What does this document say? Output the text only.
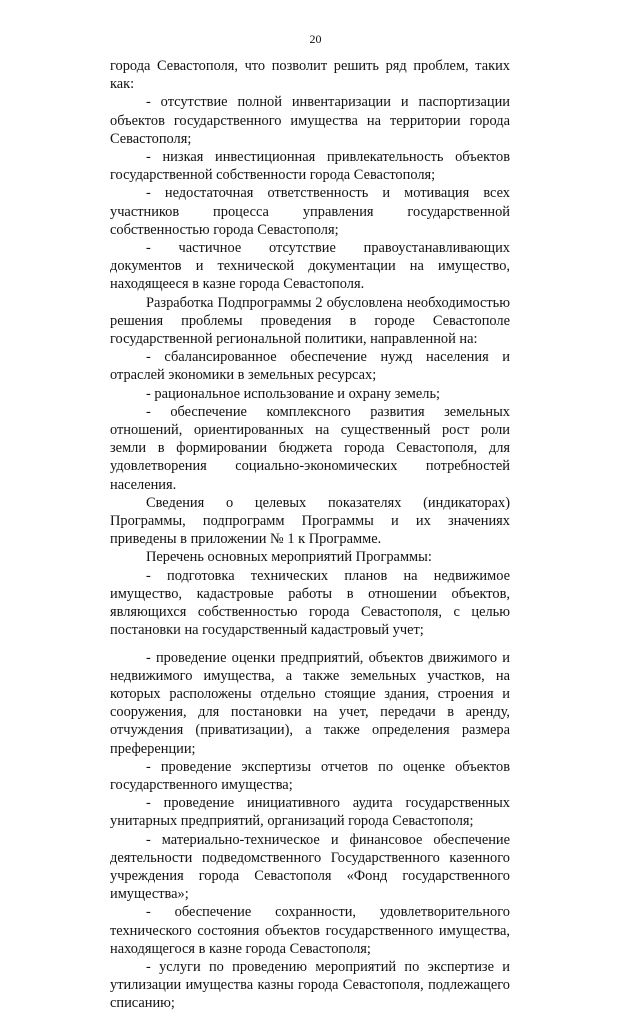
20

города Севастополя, что позволит решить ряд проблем, таких как:

- отсутствие полной инвентаризации и паспортизации объектов государственного имущества на территории города Севастополя;

- низкая инвестиционная привлекательность объектов государственной собственности города Севастополя;

- недостаточная ответственность и мотивация всех участников процесса управления государственной собственностью города Севастополя;

- частичное отсутствие правоустанавливающих документов и технической документации на имущество, находящееся в казне города Севастополя.

Разработка Подпрограммы 2 обусловлена необходимостью решения проблемы проведения в городе Севастополе государственной региональной политики, направленной на:

- сбалансированное обеспечение нужд населения и отраслей экономики в земельных ресурсах;

- рациональное использование и охрану земель;

- обеспечение комплексного развития земельных отношений, ориентированных на существенный рост роли земли в формировании бюджета города Севастополя, для удовлетворения социально-экономических потребностей населения.

Сведения о целевых показателях (индикаторах) Программы, подпрограмм Программы и их значениях приведены в приложении № 1 к Программе.

Перечень основных мероприятий Программы:

- подготовка технических планов на недвижимое имущество, кадастровые работы в отношении объектов, являющихся собственностью города Севастополя, с целью постановки на государственный кадастровый учет;

- проведение оценки предприятий, объектов движимого и недвижимого имущества, а также земельных участков, на которых расположены отдельно стоящие здания, строения и сооружения, для постановки на учет, передачи в аренду, отчуждения (приватизации), а также определения размера преференции;

- проведение экспертизы отчетов по оценке объектов государственного имущества;

- проведение инициативного аудита государственных унитарных предприятий, организаций города Севастополя;

- материально-техническое и финансовое обеспечение деятельности подведомственного Государственного казенного учреждения города Севастополя «Фонд государственного имущества»;

- обеспечение сохранности, удовлетворительного технического состояния объектов государственного имущества, находящегося в казне города Севастополя;

- услуги по проведению мероприятий по экспертизе и утилизации имущества казны города Севастополя, подлежащего списанию;
